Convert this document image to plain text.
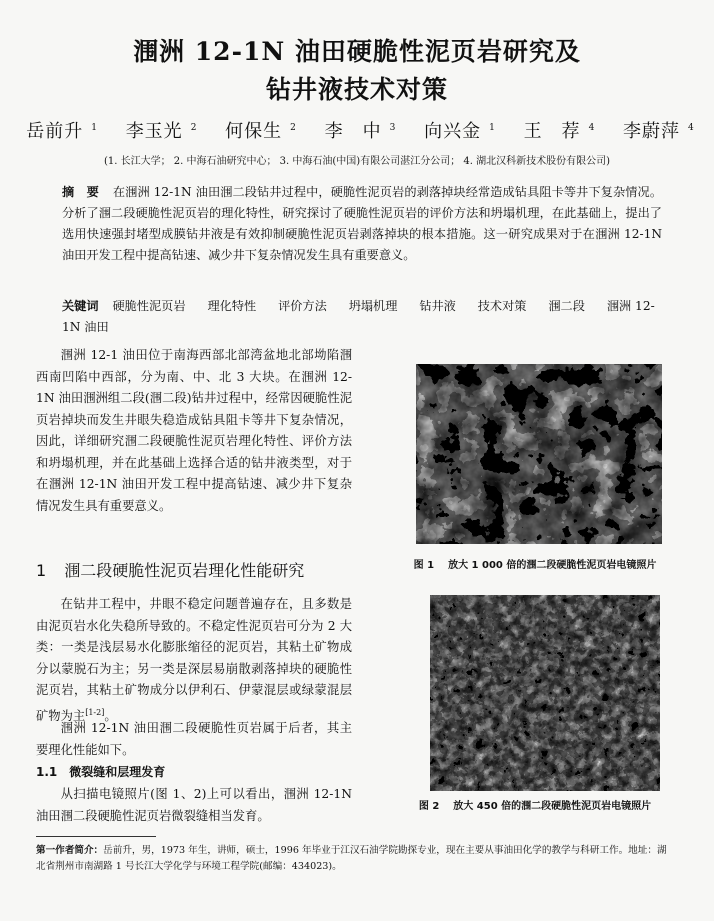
涠洲 12-1N 油田硬脆性泥页岩研究及
钻井液技术对策
岳前升 $^1$ 李玉光 $^2$ 何保生 $^2$ 李　中 $^3$ 向兴金 $^1$ 王　荐 $^4$ 李蔚萍 $^4$
(1. 长江大学； 2. 中海石油研究中心； 3. 中海石油(中国)有限公司湛江分公司； 4. 湖北汉科新技术股份有限公司)
摘 要 在涠洲 12-1N 油田涠二段钻井过程中，硬脆性泥页岩的剥落掉块经常造成钻具阻卡等井下复杂情况。分析了涠二段硬脆性泥页岩的理化特性，研究探讨了硬脆性泥页岩的评价方法和坍塌机理，在此基础上，提出了选用快速强封堵型成膜钻井液是有效抑制硬脆性泥页岩剥落掉块的根本措施。这一研究成果对于在涠洲 12-1N 油田开发工程中提高钻速、减少井下复杂情况发生具有重要意义。
关键词 硬脆性泥页岩 理化特性 评价方法 坍塌机理 钻井液 技术对策 涠二段 涠洲 12-1N 油田

涠洲 12-1 油田位于南海西部北部湾盆地北部坳陷涠西南凹陷中西部，分为南、中、北 3 大块。在涠洲 12-1N 油田涠洲组二段(涠二段)钻井过程中，经常因硬脆性泥页岩掉块而发生井眼失稳造成钻具阻卡等井下复杂情况，因此，详细研究涠二段硬脆性泥页岩理化特性、评价方法和坍塌机理，并在此基础上选择合适的钻井液类型，对于在涠洲 12-1N 油田开发工程中提高钻速、减少井下复杂情况发生具有重要意义。

1 涠二段硬脆性泥页岩理化性能研究

在钻井工程中，井眼不稳定问题普遍存在，且多数是由泥页岩水化失稳所导致的。不稳定性泥页岩可分为 2 大类：一类是浅层易水化膨胀缩径的泥页岩，其粘土矿物成分以蒙脱石为主；另一类是深层易崩散剥落掉块的硬脆性泥页岩，其粘土矿物成分以伊利石、伊蒙混层或绿蒙混层矿物为主[1-2]。

涠洲 12-1N 油田涠二段硬脆性页岩属于后者，其主要理化性能如下。

1.1 微裂缝和层理发育

从扫描电镜照片(图 1、2)上可以看出，涠洲 12-1N 油田涠二段硬脆性泥页岩微裂缝相当发育。

图 1 放大 1 000 倍的涠二段硬脆性泥页岩电镜照片
图 2 放大 450 倍的涠二段硬脆性泥页岩电镜照片
第一作者简介：岳前升，男，1973 年生，讲师，硕士，1996 年毕业于江汉石油学院勘探专业，现在主要从事油田化学的教学与科研工作。地址：湖北省荆州市南湖路 1 号长江大学化学与环境工程学院(邮编：434023)。
